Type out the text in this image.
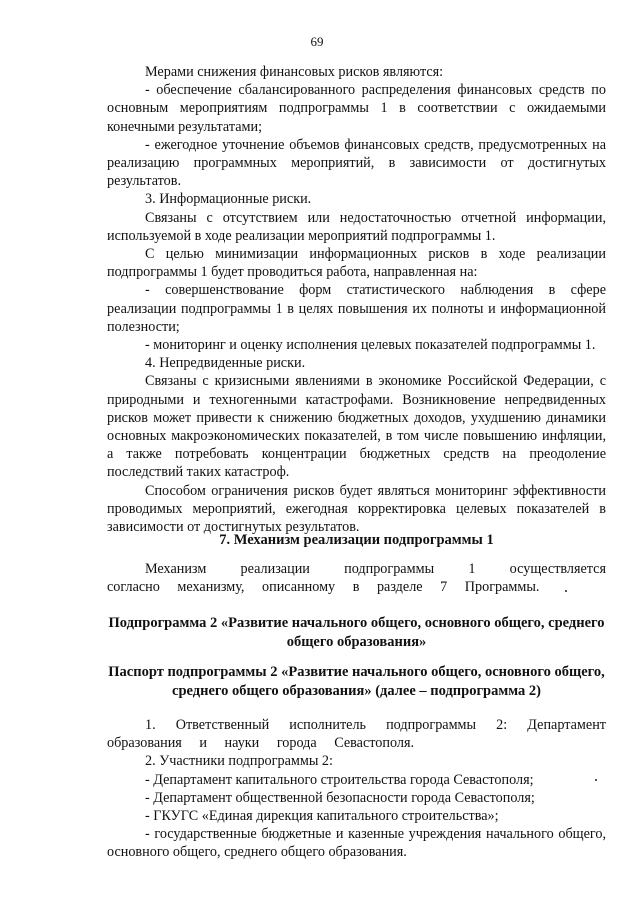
69

Мерами снижения финансовых рисков являются:

- обеспечение сбалансированного распределения финансовых средств по основным мероприятиям подпрограммы 1 в соответствии с ожидаемыми конечными результатами;

- ежегодное уточнение объемов финансовых средств, предусмотренных на реализацию программных мероприятий, в зависимости от достигнутых результатов.

3. Информационные риски.

Связаны с отсутствием или недостаточностью отчетной информации, используемой в ходе реализации мероприятий подпрограммы 1.

С целью минимизации информационных рисков в ходе реализации подпрограммы 1 будет проводиться работа, направленная на:

- совершенствование форм статистического наблюдения в сфере реализации подпрограммы 1 в целях повышения их полноты и информационной полезности;

- мониторинг и оценку исполнения целевых показателей подпрограммы 1.

4. Непредвиденные риски.

Связаны с кризисными явлениями в экономике Российской Федерации, с природными и техногенными катастрофами. Возникновение непредвиденных рисков может привести к снижению бюджетных доходов, ухудшению динамики основных макроэкономических показателей, в том числе повышению инфляции, а также потребовать концентрации бюджетных средств на преодоление последствий таких катастроф.

Способом ограничения рисков будет являться мониторинг эффективности проводимых мероприятий, ежегодная корректировка целевых показателей в зависимости от достигнутых результатов.

7. Механизм реализации подпрограммы 1

Механизм реализации подпрограммы 1 осуществляется согласно механизму, описанному в разделе 7 Программы.

Подпрограмма 2 «Развитие начального общего, основного общего, среднего общего образования»
Паспорт подпрограммы 2 «Развитие начального общего, основного общего, среднего общего образования» (далее – подпрограмма 2)

1. Ответственный исполнитель подпрограммы 2: Департамент образования и науки города Севастополя.

2. Участники подпрограммы 2:

- Департамент капитального строительства города Севастополя;

- Департамент общественной безопасности города Севастополя;

- ГКУГС «Единая дирекция капитального строительства»;

- государственные бюджетные и казенные учреждения начального общего, основного общего, среднего общего образования.
